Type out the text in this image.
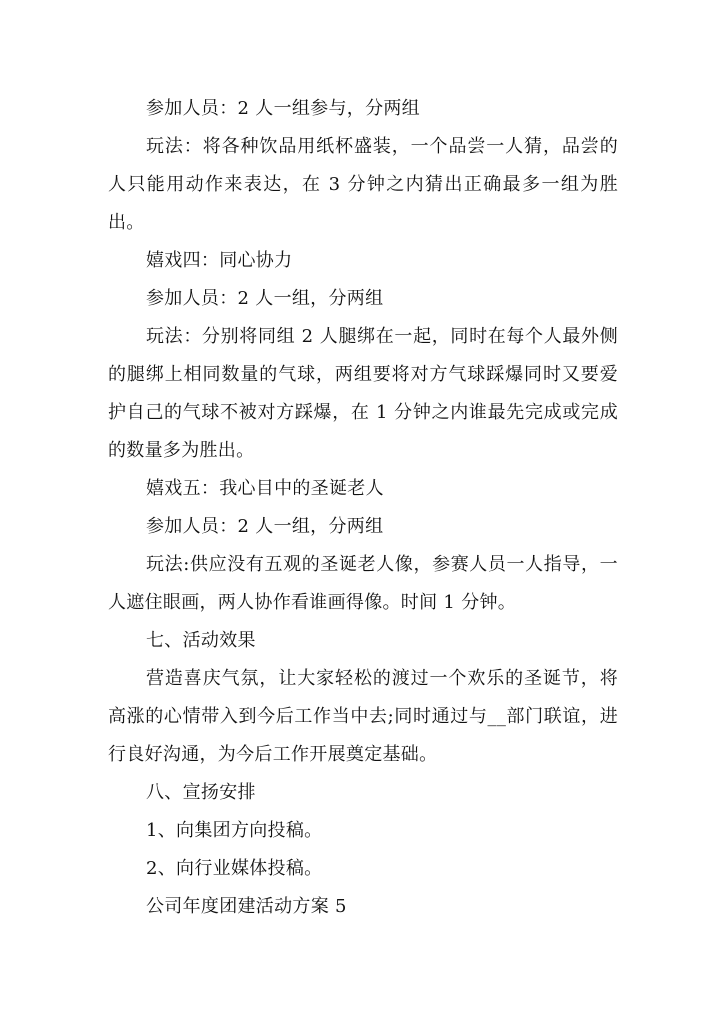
参加人员：2 人一组参与，分两组

玩法：将各种饮品用纸杯盛装，一个品尝一人猜，品尝的人只能用动作来表达，在 3 分钟之内猜出正确最多一组为胜出。

嬉戏四：同心协力

参加人员：2 人一组，分两组

玩法：分别将同组 2 人腿绑在一起，同时在每个人最外侧的腿绑上相同数量的气球，两组要将对方气球踩爆同时又要爱护自己的气球不被对方踩爆，在 1 分钟之内谁最先完成或完成的数量多为胜出。

嬉戏五：我心目中的圣诞老人

参加人员：2 人一组，分两组

玩法:供应没有五观的圣诞老人像，参赛人员一人指导，一人遮住眼画，两人协作看谁画得像。时间 1 分钟。

七、活动效果

营造喜庆气氛，让大家轻松的渡过一个欢乐的圣诞节，将高涨的心情带入到今后工作当中去;同时通过与__部门联谊，进行良好沟通，为今后工作开展奠定基础。

八、宣扬安排

1、向集团方向投稿。

2、向行业媒体投稿。

公司年度团建活动方案 5
